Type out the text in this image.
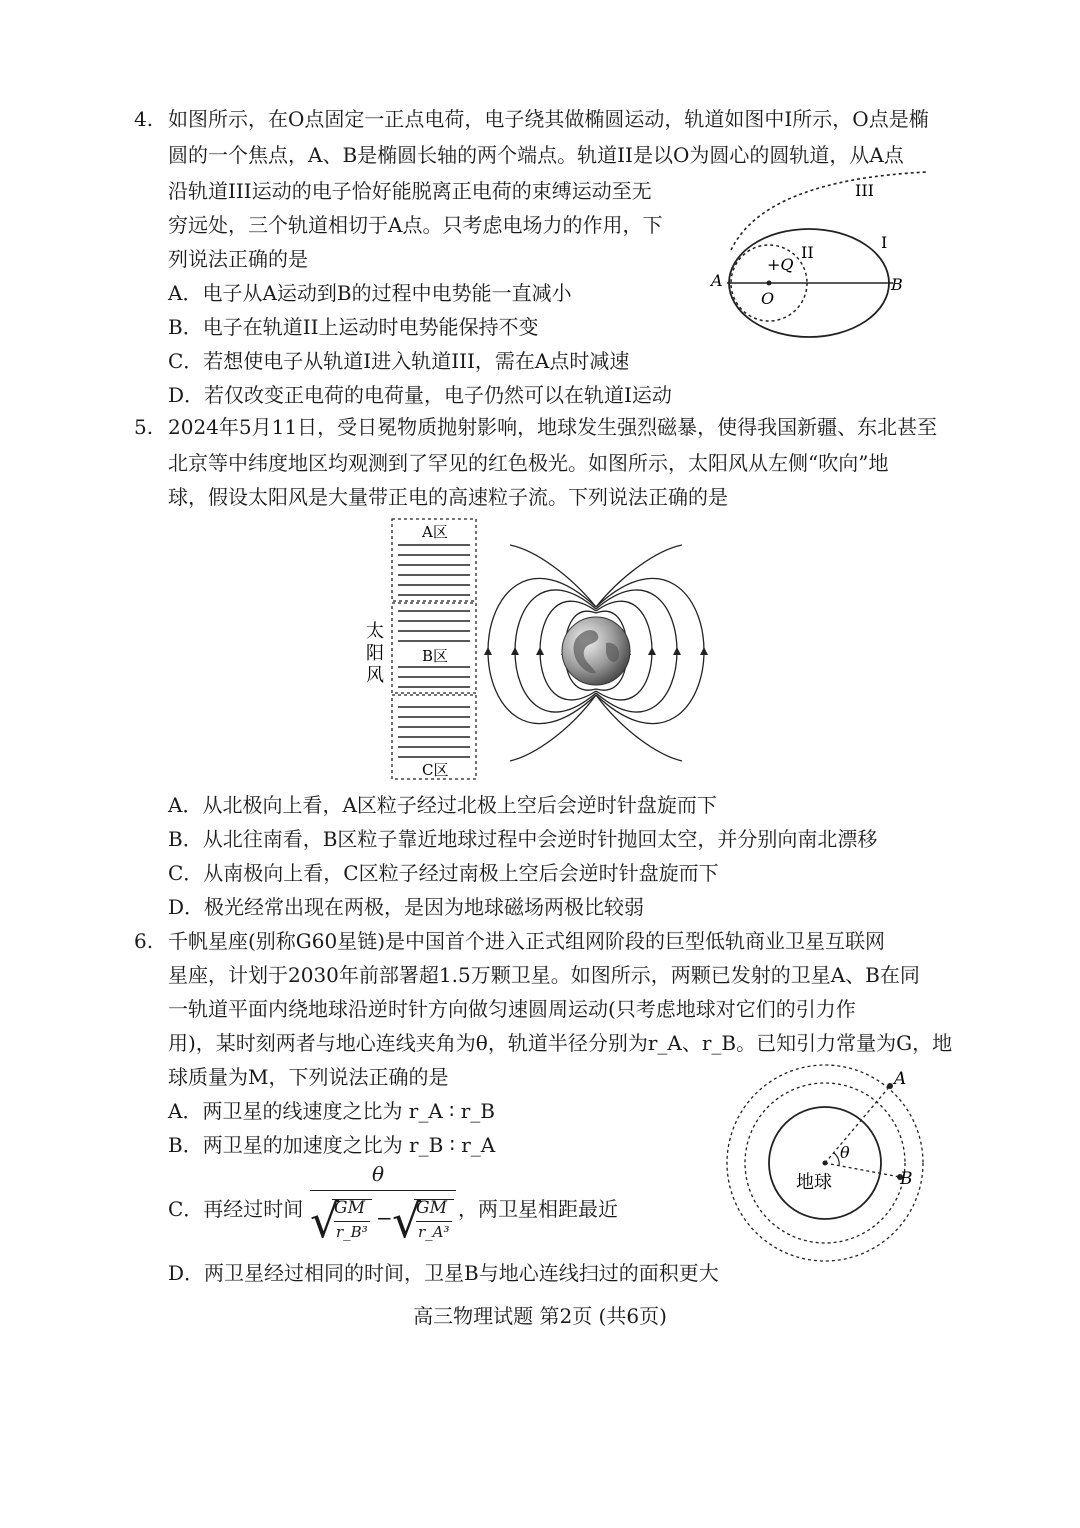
4. 如图所示，在O点固定一正点电荷，电子绕其做椭圆运动，轨道如图中I所示，O点是椭
圆的一个焦点，A、B是椭圆长轴的两个端点。轨道II是以O为圆心的圆轨道，从A点
沿轨道III运动的电子恰好能脱离正电荷的束缚运动至无
穷远处，三个轨道相切于A点。只考虑电场力的作用，下
列说法正确的是
A．电子从A运动到B的过程中电势能一直减小
B．电子在轨道II上运动时电势能保持不变
C．若想使电子从轨道I进入轨道III，需在A点时减速
D．若仅改变正电荷的电荷量，电子仍然可以在轨道I运动
III
I
II
+Q
O
A	B
5. 2024年5月11日，受日冕物质抛射影响，地球发生强烈磁暴，使得我国新疆、东北甚至
北京等中纬度地区均观测到了罕见的红色极光。如图所示，太阳风从左侧“吹向”地
球，假设太阳风是大量带正电的高速粒子流。下列说法正确的是
A区
B区
C区
太
阳
风
A．从北极向上看，A区粒子经过北极上空后会逆时针盘旋而下
B．从北往南看，B区粒子靠近地球过程中会逆时针抛回太空，并分别向南北漂移
C．从南极向上看，C区粒子经过南极上空后会逆时针盘旋而下
D．极光经常出现在两极，是因为地球磁场两极比较弱
6. 千帆星座(别称G60星链)是中国首个进入正式组网阶段的巨型低轨商业卫星互联网
星座，计划于2030年前部署超1.5万颗卫星。如图所示，两颗已发射的卫星A、B在同
一轨道平面内绕地球沿逆时针方向做匀速圆周运动(只考虑地球对它们的引力作
用)，某时刻两者与地心连线夹角为θ，轨道半径分别为r_A、r_B。已知引力常量为G，地
球质量为M，下列说法正确的是
A．两卫星的线速度之比为 r_A ∶ r_B
B．两卫星的加速度之比为 r_B ∶ r_A
C．再经过时间
θ
√
GM
r_B³
− √
GM
r_A³
，两卫星相距最近
D．两卫星经过相同的时间，卫星B与地心连线扫过的面积更大
A
B
θ
地球
高三物理试题 第2页 (共6页)
